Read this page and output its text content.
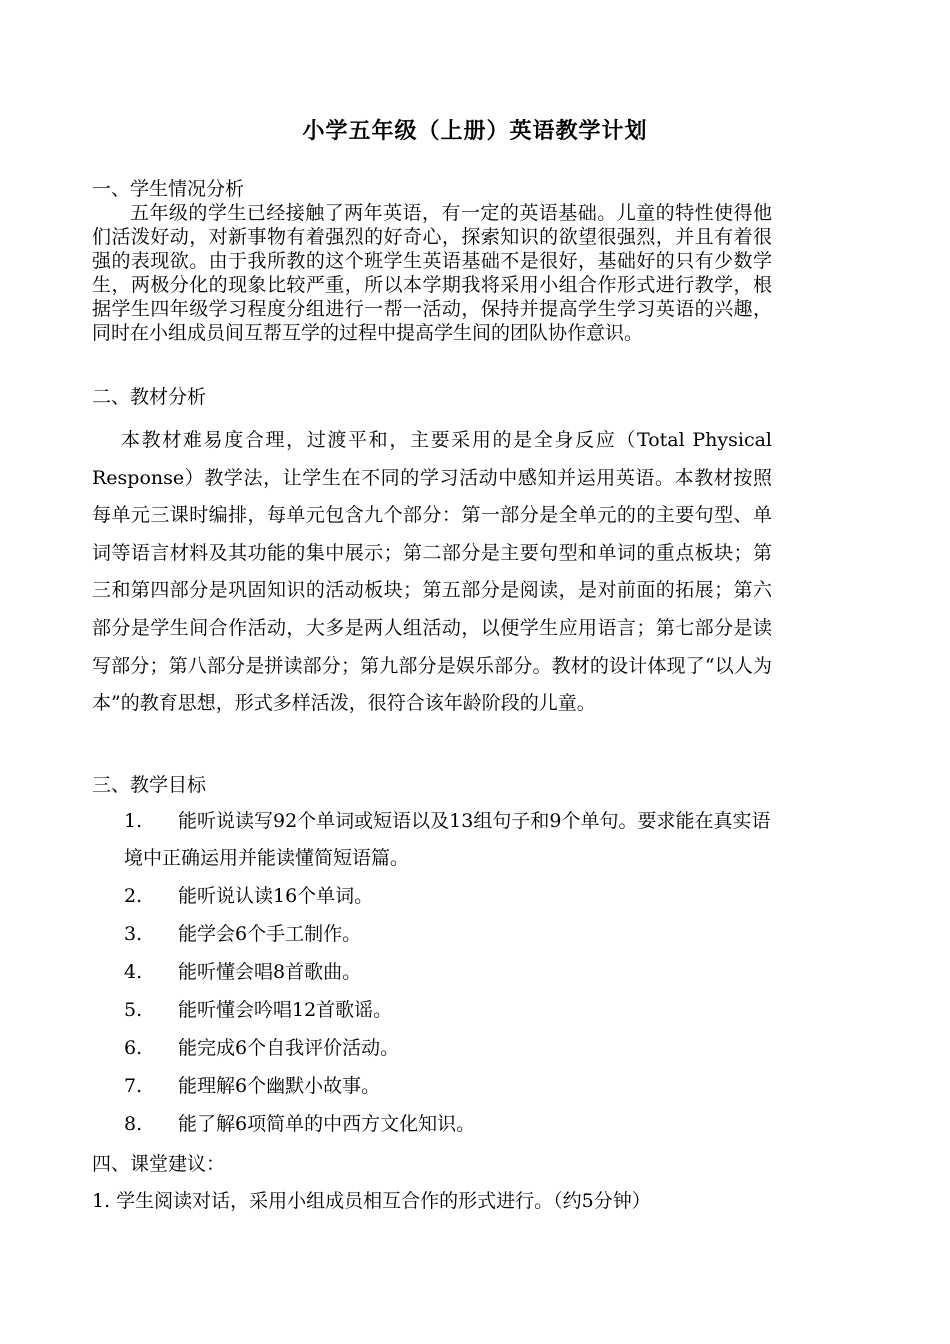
小学五年级（上册）英语教学计划
一、学生情况分析
五年级的学生已经接触了两年英语，有一定的英语基础。儿童的特性使得他们活泼好动，对新事物有着强烈的好奇心，探索知识的欲望很强烈，并且有着很强的表现欲。由于我所教的这个班学生英语基础不是很好，基础好的只有少数学生，两极分化的现象比较严重，所以本学期我将采用小组合作形式进行教学，根据学生四年级学习程度分组进行一帮一活动，保持并提高学生学习英语的兴趣，同时在小组成员间互帮互学的过程中提高学生间的团队协作意识。
二、教材分析
本教材难易度合理，过渡平和，主要采用的是全身反应（Total Physical Response）教学法，让学生在不同的学习活动中感知并运用英语。本教材按照每单元三课时编排，每单元包含九个部分：第一部分是全单元的的主要句型、单词等语言材料及其功能的集中展示；第二部分是主要句型和单词的重点板块；第三和第四部分是巩固知识的活动板块；第五部分是阅读，是对前面的拓展；第六部分是学生间合作活动，大多是两人组活动，以便学生应用语言；第七部分是读写部分；第八部分是拼读部分；第九部分是娱乐部分。教材的设计体现了“以人为本”的教育思想，形式多样活泼，很符合该年龄阶段的儿童。
三、教学目标
1. 能听说读写92个单词或短语以及13组句子和9个单句。要求能在真实语境中正确运用并能读懂简短语篇。
2. 能听说认读16个单词。
3. 能学会6个手工制作。
4. 能听懂会唱8首歌曲。
5. 能听懂会吟唱12首歌谣。
6. 能完成6个自我评价活动。
7. 能理解6个幽默小故事。
8. 能了解6项简单的中西方文化知识。
四、课堂建议：
1. 学生阅读对话，采用小组成员相互合作的形式进行。（约5分钟）
